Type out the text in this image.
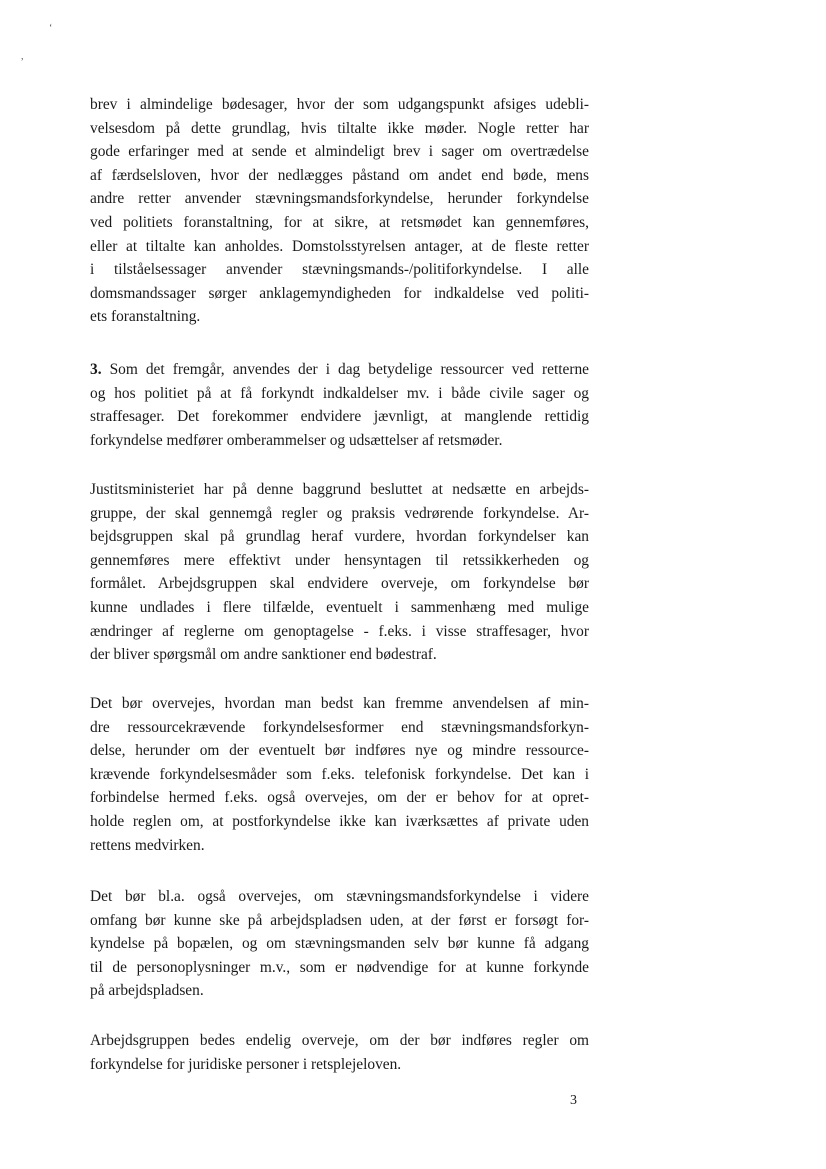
‘
,
brev i almindelige bødesager, hvor der som udgangspunkt afsiges udebli-
velsesdom på dette grundlag, hvis tiltalte ikke møder. Nogle retter har
gode erfaringer med at sende et almindeligt brev i sager om overtrædelse
af færdselsloven, hvor der nedlægges påstand om andet end bøde, mens
andre retter anvender stævningsmandsforkyndelse, herunder forkyndelse
ved politiets foranstaltning, for at sikre, at retsmødet kan gennemføres,
eller at tiltalte kan anholdes. Domstolsstyrelsen antager, at de fleste retter
i tilståelsessager anvender stævningsmands-/politiforkyndelse. I alle
domsmandssager sørger anklagemyndigheden for indkaldelse ved politi-
ets foranstaltning.
3. Som det fremgår, anvendes der i dag betydelige ressourcer ved retterne
og hos politiet på at få forkyndt indkaldelser mv. i både civile sager og
straffesager. Det forekommer endvidere jævnligt, at manglende rettidig
forkyndelse medfører omberammelser og udsættelser af retsmøder.
Justitsministeriet har på denne baggrund besluttet at nedsætte en arbejds-
gruppe, der skal gennemgå regler og praksis vedrørende forkyndelse. Ar-
bejdsgruppen skal på grundlag heraf vurdere, hvordan forkyndelser kan
gennemføres mere effektivt under hensyntagen til retssikkerheden og
formålet. Arbejdsgruppen skal endvidere overveje, om forkyndelse bør
kunne undlades i flere tilfælde, eventuelt i sammenhæng med mulige
ændringer af reglerne om genoptagelse - f.eks. i visse straffesager, hvor
der bliver spørgsmål om andre sanktioner end bødestraf.
Det bør overvejes, hvordan man bedst kan fremme anvendelsen af min-
dre ressourcekrævende forkyndelsesformer end stævningsmandsforkyn-
delse, herunder om der eventuelt bør indføres nye og mindre ressource-
krævende forkyndelsesmåder som f.eks. telefonisk forkyndelse. Det kan i
forbindelse hermed f.eks. også overvejes, om der er behov for at opret-
holde reglen om, at postforkyndelse ikke kan iværksættes af private uden
rettens medvirken.
Det bør bl.a. også overvejes, om stævningsmandsforkyndelse i videre
omfang bør kunne ske på arbejdspladsen uden, at der først er forsøgt for-
kyndelse på bopælen, og om stævningsmanden selv bør kunne få adgang
til de personoplysninger m.v., som er nødvendige for at kunne forkynde
på arbejdspladsen.
Arbejdsgruppen bedes endelig overveje, om der bør indføres regler om
forkyndelse for juridiske personer i retsplejeloven.
3
